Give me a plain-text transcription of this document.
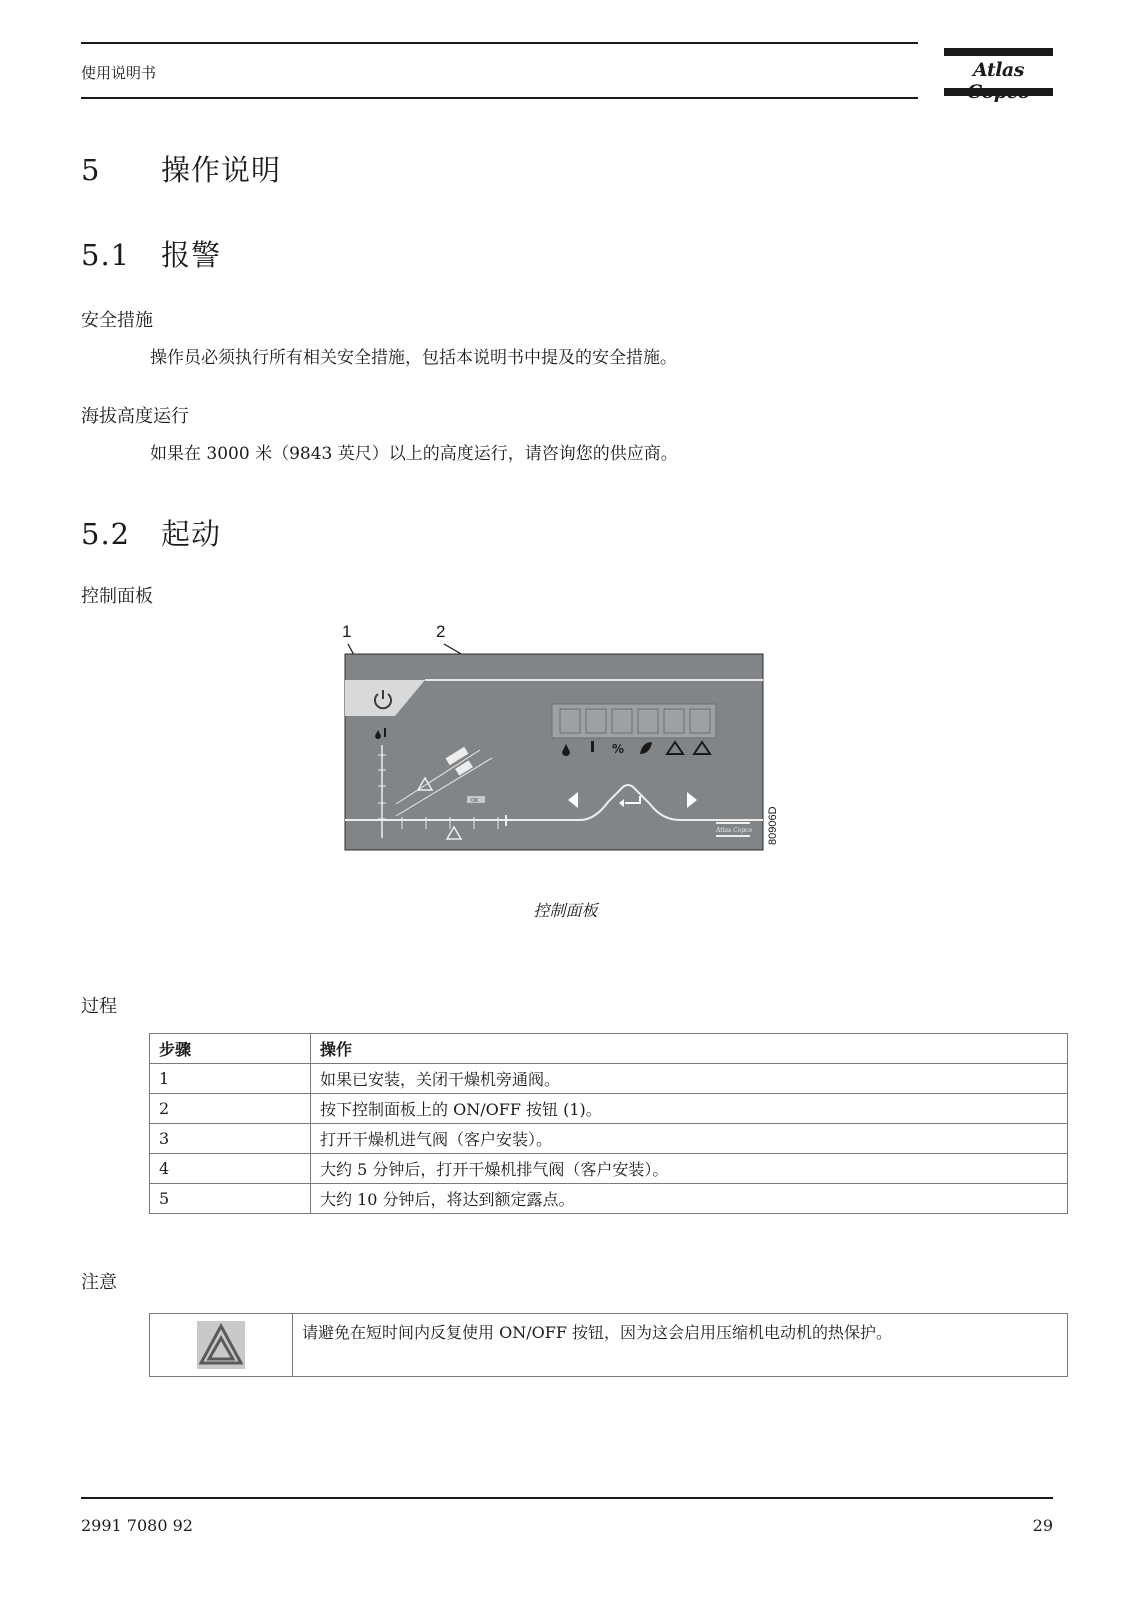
使用说明书	Atlas
5 操作说明
5.1 报警
安全措施
操作员必须执行所有相关安全措施，包括本说明书中提及的安全措施。
海拔高度运行
如果在 3000 米（9843 英尺）以上的高度运行，请咨询您的供应商。
5.2 起动
控制面板
1	2
%
OK
Atlas Copco 80906D
控制面板
过程
步骤	操作
1	如果已安装，关闭干燥机旁通阀。
2	按下控制面板上的 ON/OFF 按钮 (1)。
3	打开干燥机进气阀（客户安装）。
4	大约 5 分钟后，打开干燥机排气阀（客户安装）。
5	大约 10 分钟后，将达到额定露点。
注意
	请避免在短时间内反复使用 ON/OFF 按钮，因为这会启用压缩机电动机的热保护。
2991 7080 92	29
